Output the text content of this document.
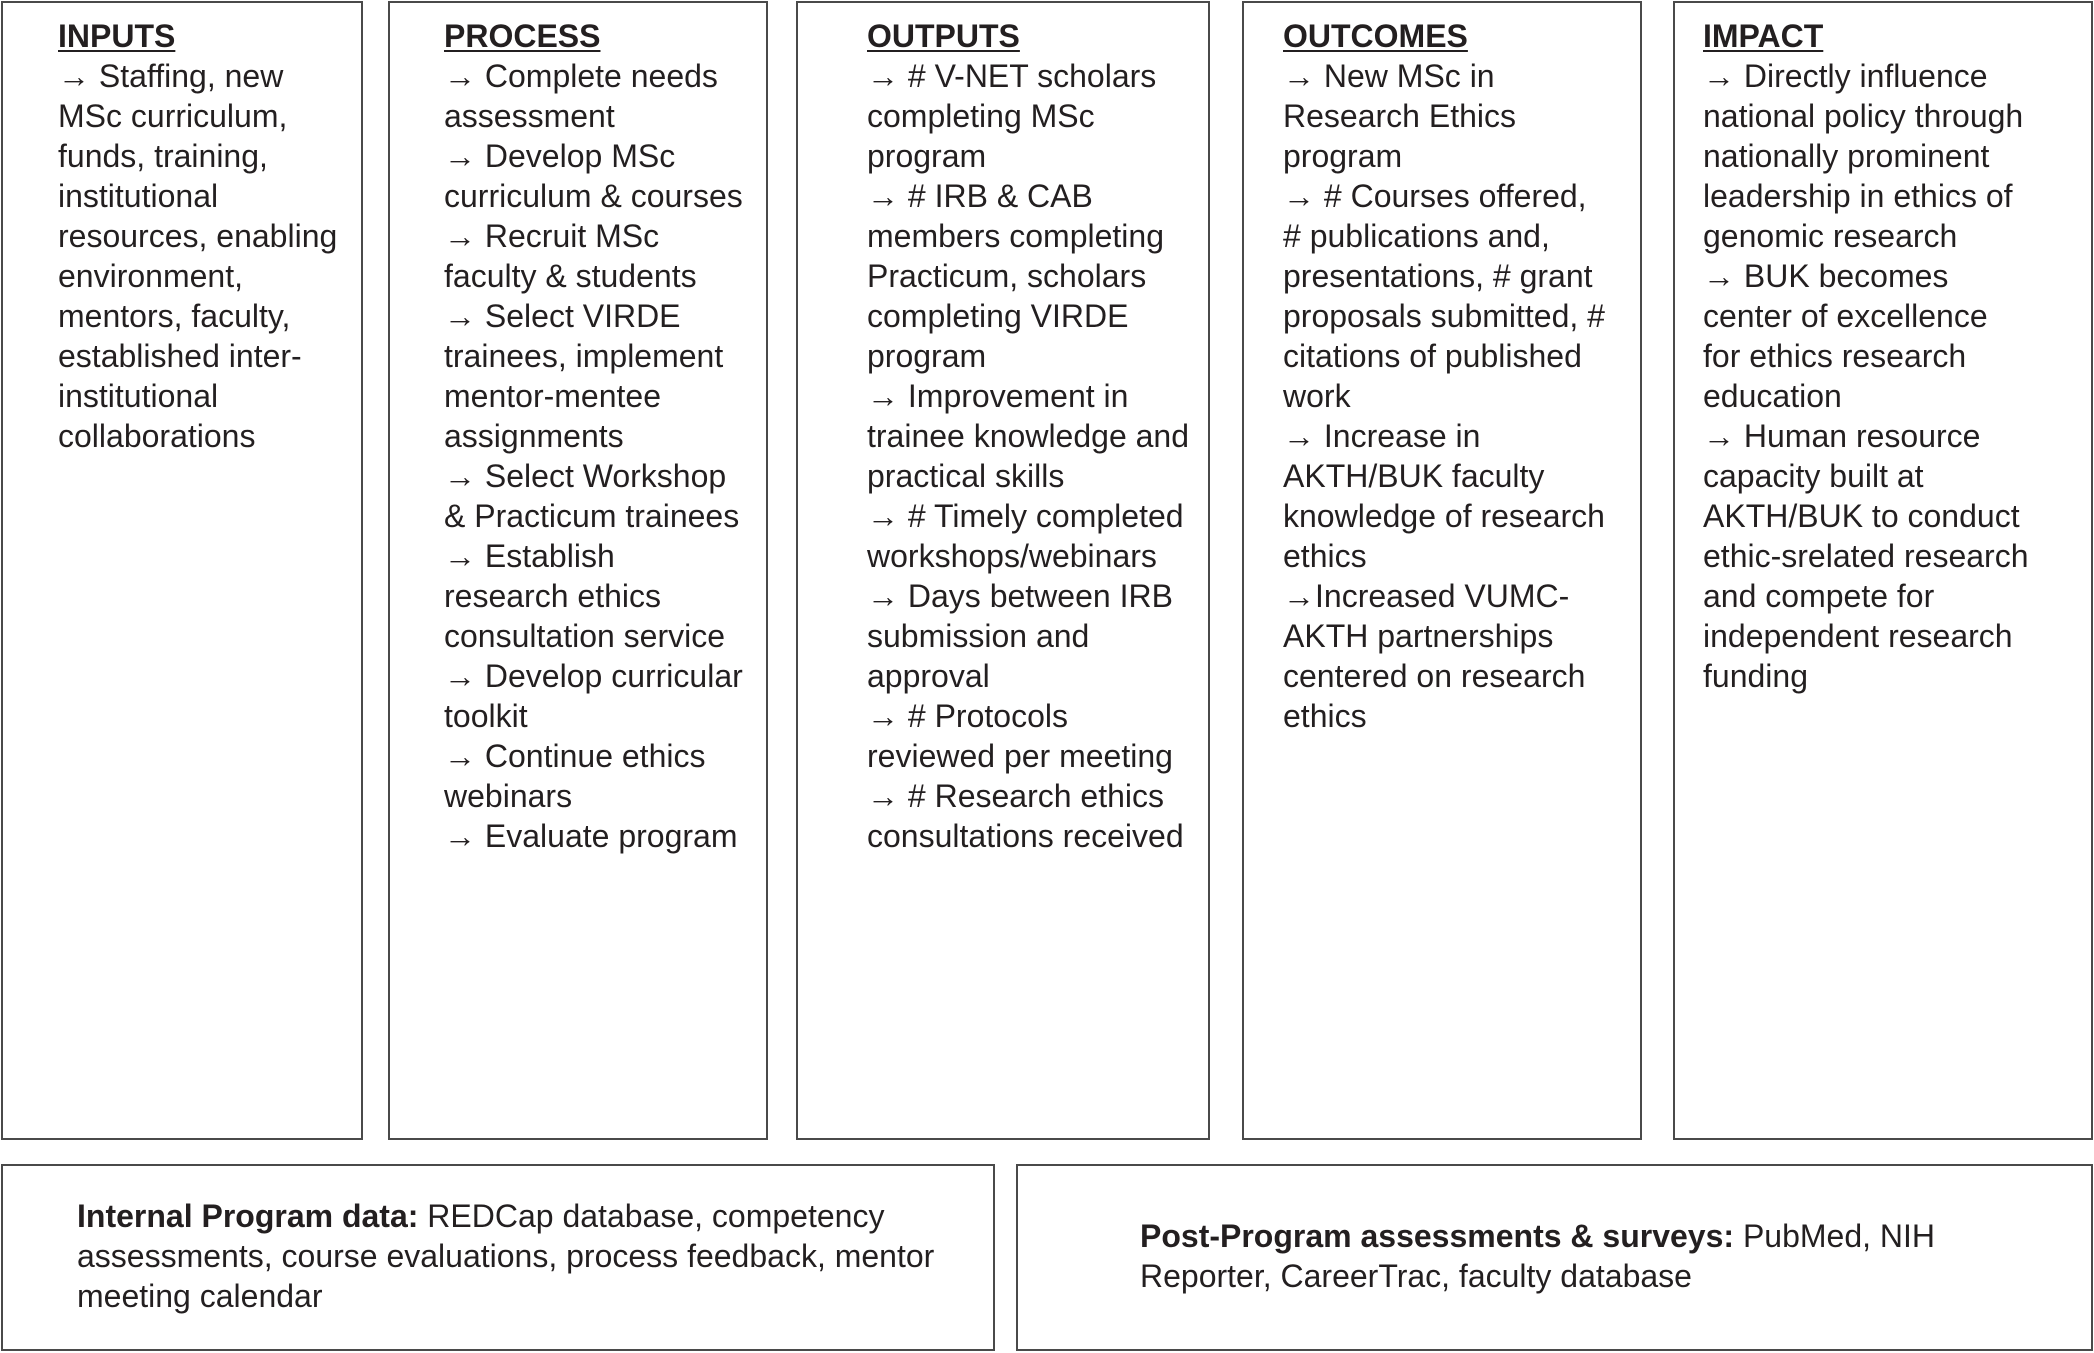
INPUTS
→ Staffing, new MSc curriculum, funds, training, institutional resources, enabling environment, mentors, faculty, established inter-institutional collaborations
PROCESS
→ Complete needs assessment
→ Develop MSc curriculum & courses
→ Recruit MSc faculty & students
→ Select VIRDE trainees, implement mentor-mentee assignments
→ Select Workshop & Practicum trainees
→ Establish research ethics consultation service
→ Develop curricular toolkit
→ Continue ethics webinars
→ Evaluate program
OUTPUTS
→ # V-NET scholars completing MSc program
→ # IRB & CAB members completing Practicum, scholars completing VIRDE program
→ Improvement in trainee knowledge and practical skills
→ # Timely completed workshops/webinars
→ Days between IRB submission and approval
→ # Protocols reviewed per meeting
→ # Research ethics consultations received
OUTCOMES
→ New MSc in Research Ethics program
→ # Courses offered, # publications and, presentations, # grant proposals submitted, # citations of published work
→ Increase in AKTH/BUK faculty knowledge of research ethics
→Increased VUMC-AKTH partnerships centered on research ethics
IMPACT
→ Directly influence national policy through nationally prominent leadership in ethics of genomic research
→ BUK becomes center of excellence for ethics research education
→ Human resource capacity built at AKTH/BUK to conduct ethic-srelated research and compete for independent research funding
Internal Program data: REDCap database, competency assessments, course evaluations, process feedback, mentor meeting calendar
Post-Program assessments & surveys: PubMed, NIH Reporter, CareerTrac, faculty database
